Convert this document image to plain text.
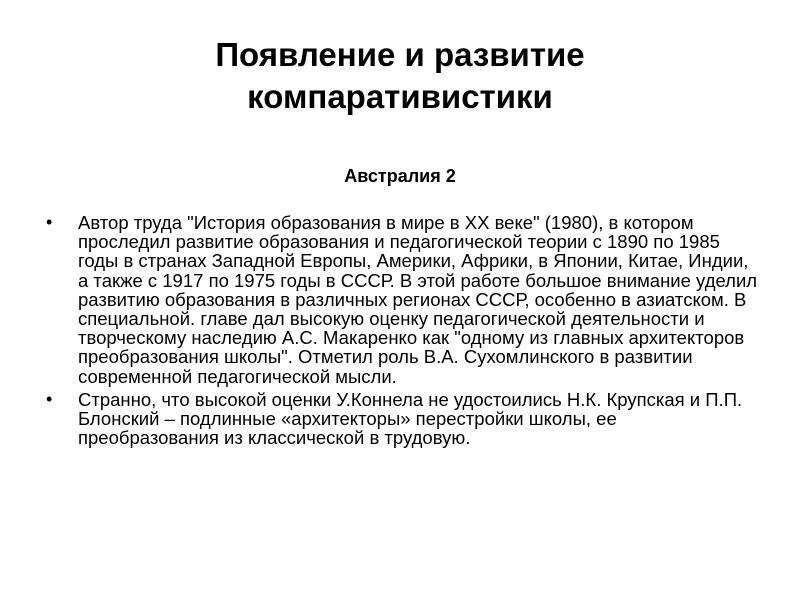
Появление и развитие
компаративистики
Австралия 2
•	Автор труда "История образования в мире в XX веке" (1980), в котором проследил развитие образования и педагогической теории с 1890 по 1985 годы в странах Западной Европы, Америки, Африки, в Японии, Китае, Индии, а также с 1917 по 1975 годы в СССР. В этой работе большое внимание уделил развитию образования в различных регионах СССР, особенно в азиатском. В специальной. главе дал высокую оценку педагогической деятельности и творческому наследию А.С. Макаренко как "одному из главных архитекторов преобразования школы". Отметил роль В.А. Сухомлинского в развитии современной педагогической мысли.
•	Странно, что высокой оценки У.Коннела не удостоились Н.К. Крупская и П.П. Блонский – подлинные «архитекторы» перестройки школы, ее преобразования из классической в трудовую.
